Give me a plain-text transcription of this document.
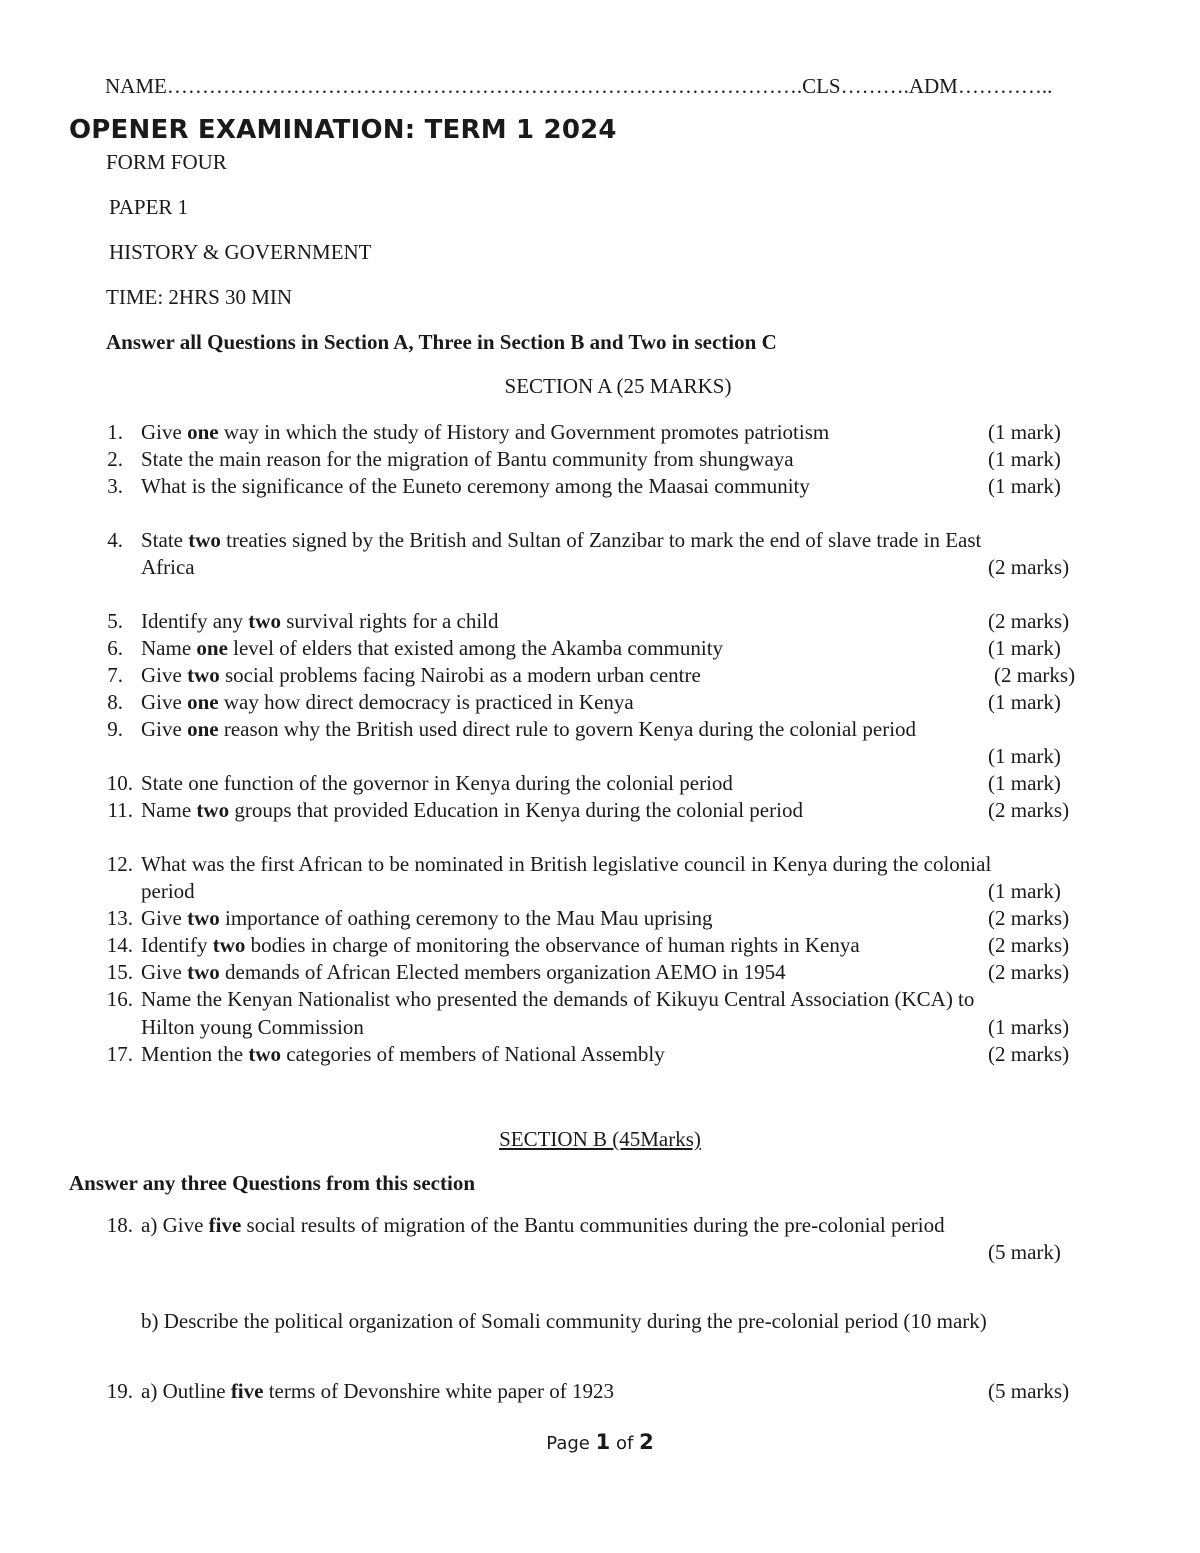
NAME……………………………………………………………………………….CLS……….ADM…………..
OPENER EXAMINATION: TERM 1 2024
FORM FOUR
PAPER 1
HISTORY & GOVERNMENT
TIME: 2HRS 30 MIN
Answer all Questions in Section A, Three in Section B and Two in section C
SECTION A (25 MARKS)
1. Give one way in which the study of History and Government promotes patriotism	(1 mark)
2. State the main reason for the migration of Bantu community from shungwaya	(1 mark)
3. What is the significance of the Euneto ceremony among the Maasai community	(1 mark)
4. State two treaties signed by the British and Sultan of Zanzibar to mark the end of slave trade in East
Africa	(2 marks)
5. Identify any two survival rights for a child	(2 marks)
6. Name one level of elders that existed among the Akamba community	(1 mark)
7. Give two social problems facing Nairobi as a modern urban centre	(2 marks)
8. Give one way how direct democracy is practiced in Kenya	(1 mark)
9. Give one reason why the British used direct rule to govern Kenya during the colonial period
(1 mark)
10. State one function of the governor in Kenya during the colonial period	(1 mark)
11. Name two groups that provided Education in Kenya during the colonial period	(2 marks)
12. What was the first African to be nominated in British legislative council in Kenya during the colonial
period	(1 mark)
13. Give two importance of oathing ceremony to the Mau Mau uprising	(2 marks)
14. Identify two bodies in charge of monitoring the observance of human rights in Kenya	(2 marks)
15. Give two demands of African Elected members organization AEMO in 1954	(2 marks)
16. Name the Kenyan Nationalist who presented the demands of Kikuyu Central Association (KCA) to
Hilton young Commission	(1 marks)
17. Mention the two categories of members of National Assembly	(2 marks)
SECTION B (45Marks)
Answer any three Questions from this section
18. a) Give five social results of migration of the Bantu communities during the pre-colonial period
(5 mark)
b) Describe the political organization of Somali community during the pre-colonial period (10 mark)
19. a) Outline five terms of Devonshire white paper of 1923	(5 marks)
Page 1 of 2
